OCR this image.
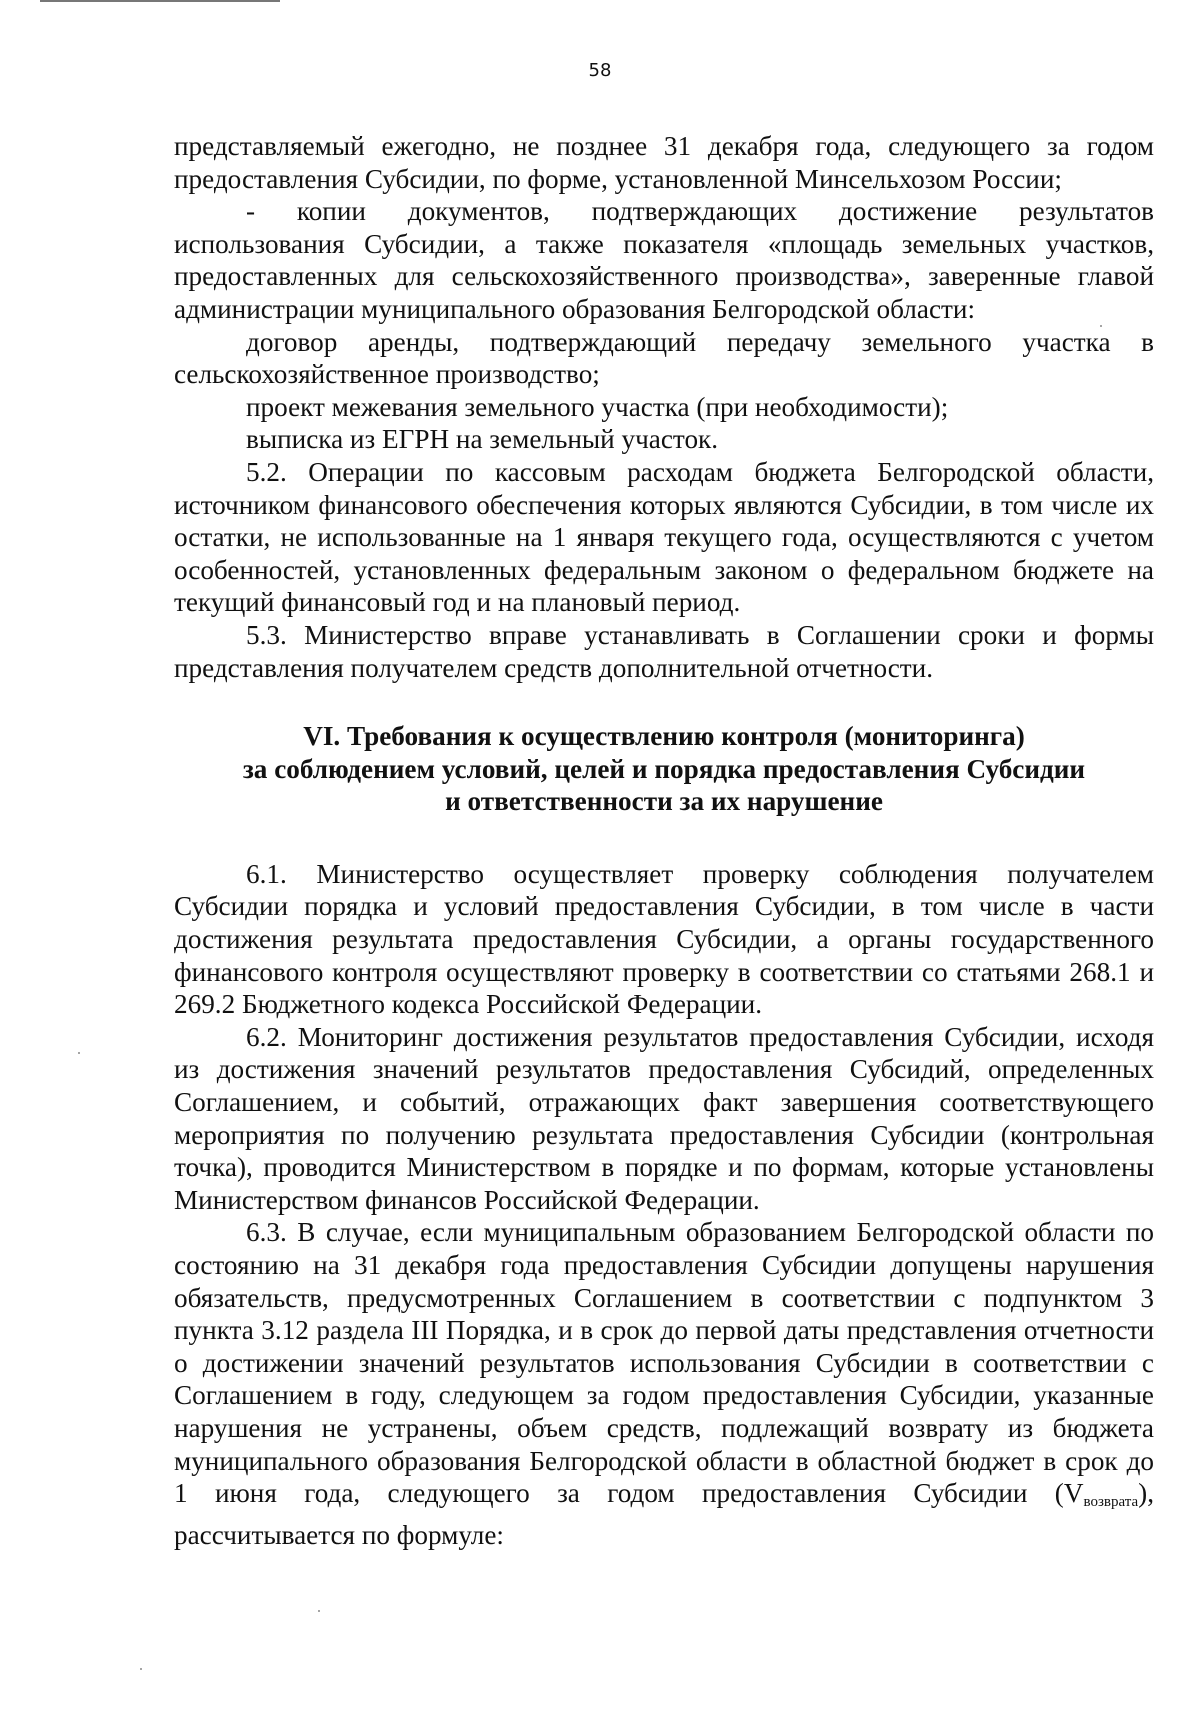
58

представляемый ежегодно, не позднее 31 декабря года, следующего за годом предоставления Субсидии, по форме, установленной Минсельхозом России;

- копии документов, подтверждающих достижение результатов использования Субсидии, а также показателя «площадь земельных участков, предоставленных для сельскохозяйственного производства», заверенные главой администрации муниципального образования Белгородской области:

договор аренды, подтверждающий передачу земельного участка в сельскохозяйственное производство;

проект межевания земельного участка (при необходимости);

выписка из ЕГРН на земельный участок.

5.2. Операции по кассовым расходам бюджета Белгородской области, источником финансового обеспечения которых являются Субсидии, в том числе их остатки, не использованные на 1 января текущего года, осуществляются с учетом особенностей, установленных федеральным законом о федеральном бюджете на текущий финансовый год и на плановый период.

5.3. Министерство вправе устанавливать в Соглашении сроки и формы представления получателем средств дополнительной отчетности.

VI. Требования к осуществлению контроля (мониторинга)
за соблюдением условий, целей и порядка предоставления Субсидии
и ответственности за их нарушение

6.1. Министерство осуществляет проверку соблюдения получателем Субсидии порядка и условий предоставления Субсидии, в том числе в части достижения результата предоставления Субсидии, а органы государственного финансового контроля осуществляют проверку в соответствии со статьями 268.1 и 269.2 Бюджетного кодекса Российской Федерации.

6.2. Мониторинг достижения результатов предоставления Субсидии, исходя из достижения значений результатов предоставления Субсидий, определенных Соглашением, и событий, отражающих факт завершения соответствующего мероприятия по получению результата предоставления Субсидии (контрольная точка), проводится Министерством в порядке и по формам, которые установлены Министерством финансов Российской Федерации.

6.3. В случае, если муниципальным образованием Белгородской области по состоянию на 31 декабря года предоставления Субсидии допущены нарушения обязательств, предусмотренных Соглашением в соответствии с подпунктом 3 пункта 3.12 раздела III Порядка, и в срок до первой даты представления отчетности о достижении значений результатов использования Субсидии в соответствии с Соглашением в году, следующем за годом предоставления Субсидии, указанные нарушения не устранены, объем средств, подлежащий возврату из бюджета муниципального образования Белгородской области в областной бюджет в срок до 1 июня года, следующего за годом предоставления Субсидии $(V_{возврата})$, рассчитывается по формуле:
